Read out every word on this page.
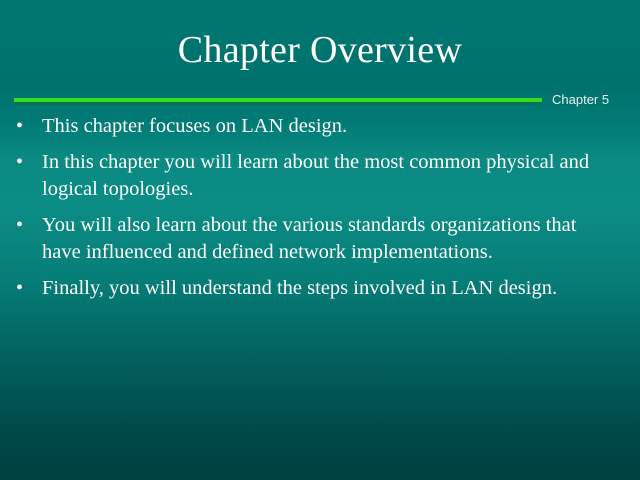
Chapter Overview
Chapter 5
• This chapter focuses on LAN design.
• In this chapter you will learn about the most common physical and logical topologies.
• You will also learn about the various standards organizations that have influenced and defined network implementations.
• Finally, you will understand the steps involved in LAN design.
